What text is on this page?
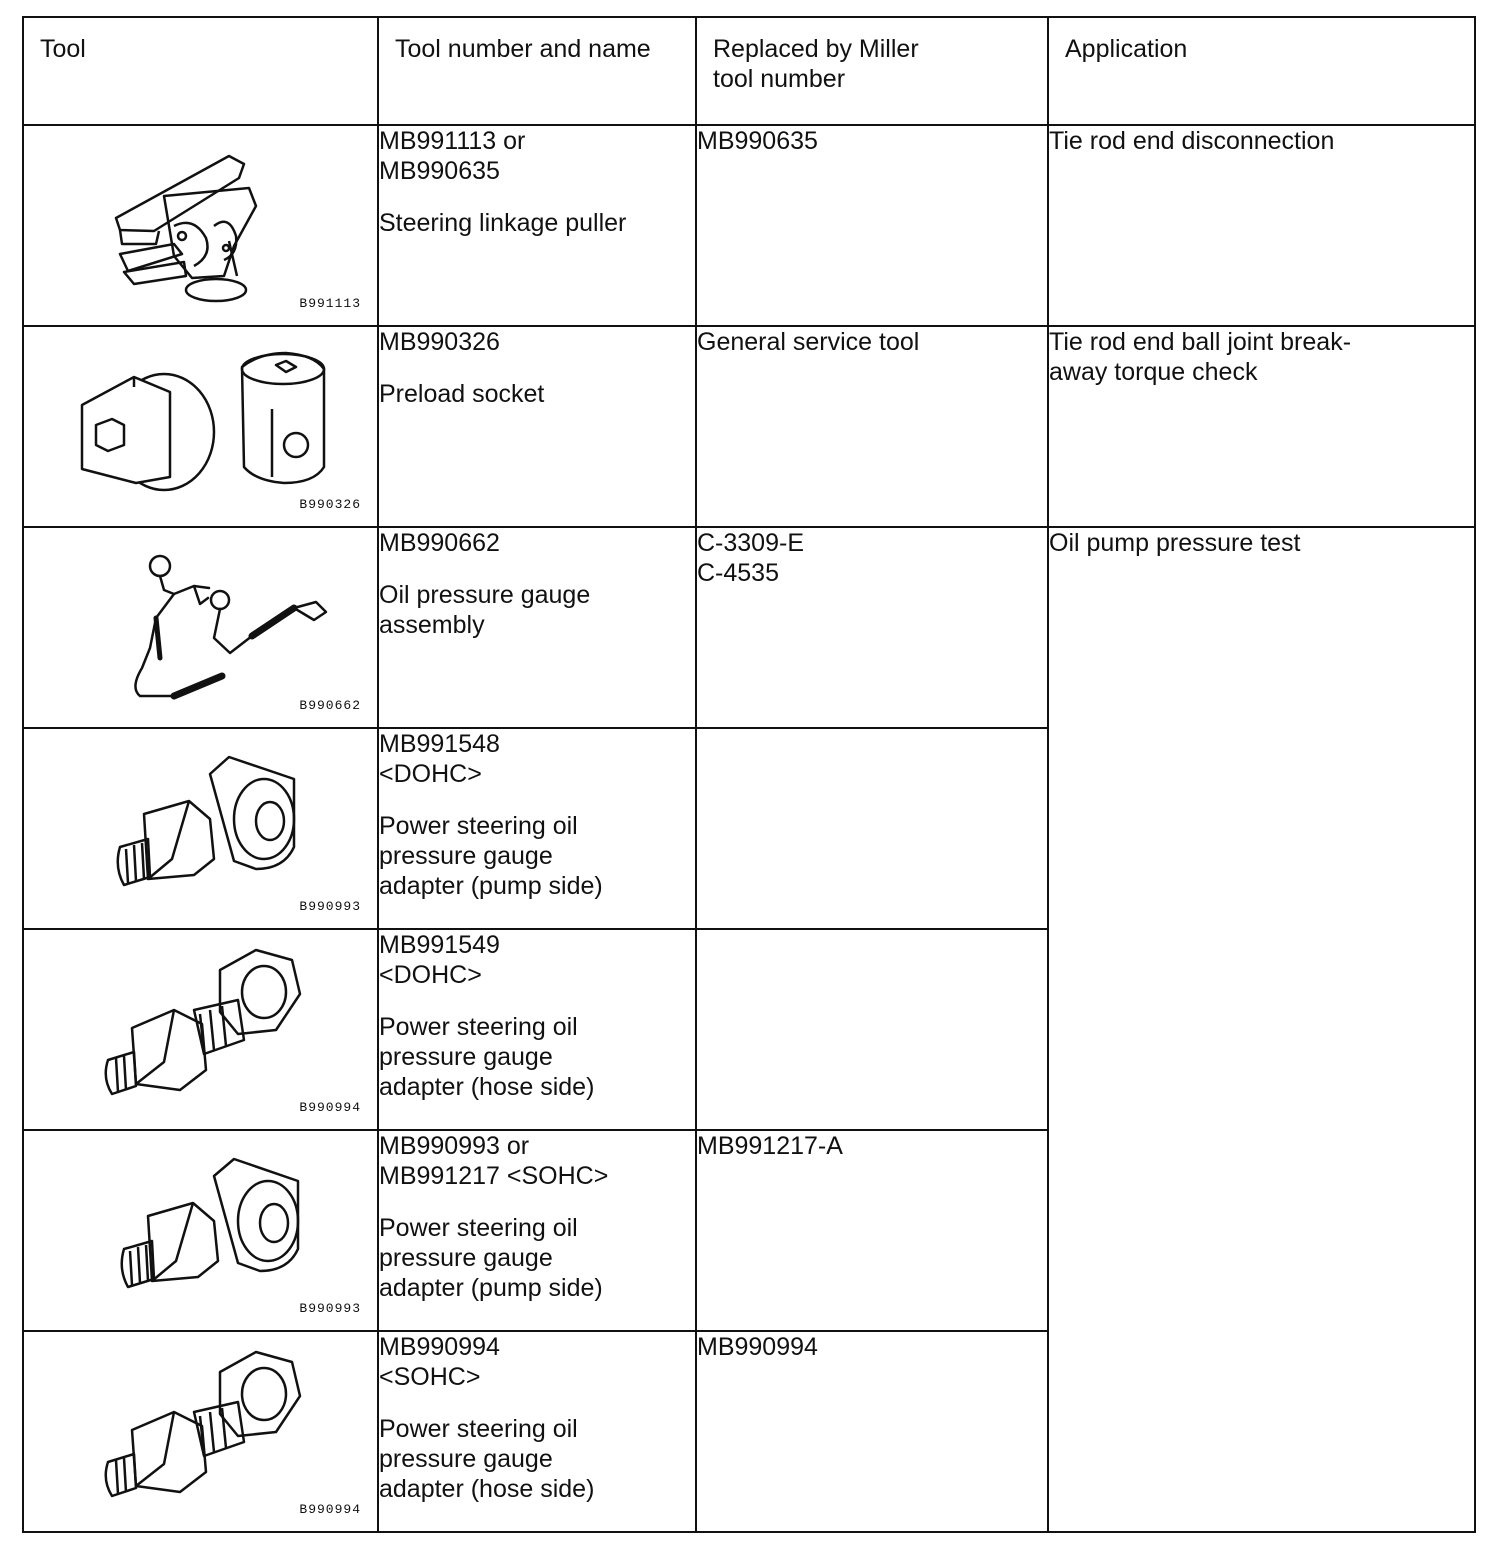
Tool	Tool number and name	Replaced by Miller
tool number	Application

B991113	MB991113 or
MB990635
Steering linkage puller	MB990635	Tie rod end disconnection

B990326	MB990326
Preload socket	General service tool	Tie rod end ball joint break-
away torque check

B990662	MB990662
Oil pressure gauge
assembly	C-3309-E
C-4535	Oil pump pressure test

B990993	MB991548
<DOHC>
Power steering oil
pressure gauge
adapter (pump side)		

B990994	MB991549
<DOHC>
Power steering oil
pressure gauge
adapter (hose side)		

B990993	MB990993 or
MB991217 <SOHC>
Power steering oil
pressure gauge
adapter (pump side)	MB991217-A	

B990994	MB990994
<SOHC>
Power steering oil
pressure gauge
adapter (hose side)	MB990994	
